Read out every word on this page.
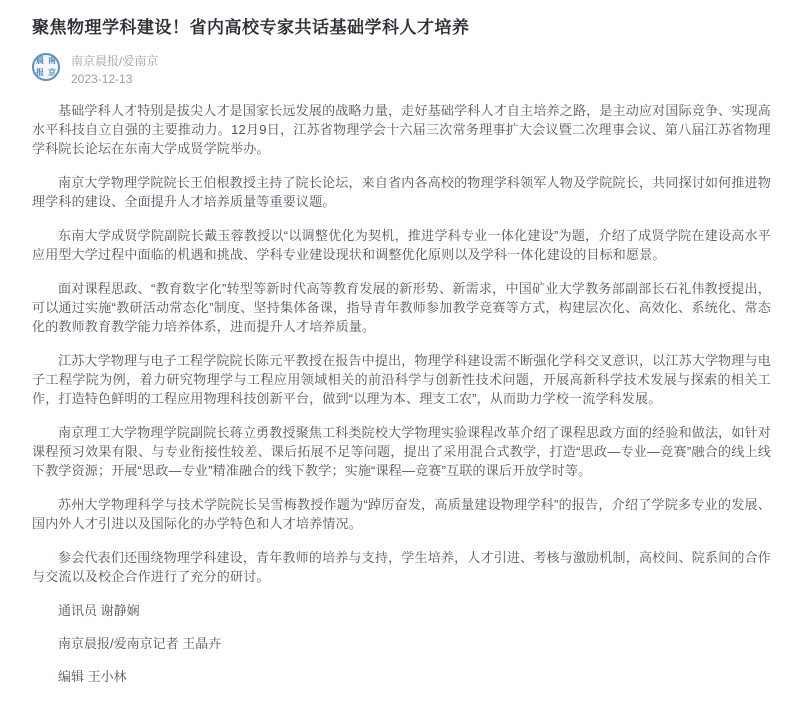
聚焦物理学科建设！省内高校专家共话基础学科人才培养
晨 南
报 京
南京晨报/爱南京
2023-12-13

基础学科人才特别是拔尖人才是国家长远发展的战略力量，走好基础学科人才自主培养之路，是主动应对国际竞争、实现高水平科技自立自强的主要推动力。12月9日，江苏省物理学会十六届三次常务理事扩大会议暨二次理事会议、第八届江苏省物理学科院长论坛在东南大学成贤学院举办。

南京大学物理学院院长王伯根教授主持了院长论坛，来自省内各高校的物理学科领军人物及学院院长，共同探讨如何推进物理学科的建设、全面提升人才培养质量等重要议题。

东南大学成贤学院副院长戴玉蓉教授以“以调整优化为契机，推进学科专业一体化建设”为题，介绍了成贤学院在建设高水平应用型大学过程中面临的机遇和挑战、学科专业建设现状和调整优化原则以及学科一体化建设的目标和愿景。

面对课程思政、“教育数字化”转型等新时代高等教育发展的新形势、新需求，中国矿业大学教务部副部长石礼伟教授提出，可以通过实施“教研活动常态化”制度、坚持集体备课，指导青年教师参加教学竞赛等方式，构建层次化、高效化、系统化、常态化的教师教育教学能力培养体系，进而提升人才培养质量。

江苏大学物理与电子工程学院院长陈元平教授在报告中提出，物理学科建设需不断强化学科交叉意识，以江苏大学物理与电子工程学院为例，着力研究物理学与工程应用领域相关的前沿科学与创新性技术问题，开展高新科学技术发展与探索的相关工作，打造特色鲜明的工程应用物理科技创新平台，做到“以理为本、理支工农”，从而助力学校一流学科发展。

南京理工大学物理学院副院长蒋立勇教授聚焦工科类院校大学物理实验课程改革介绍了课程思政方面的经验和做法，如针对课程预习效果有限、与专业衔接性较差、课后拓展不足等问题，提出了采用混合式教学，打造“思政—专业—竞赛”融合的线上线下教学资源；开展“思政—专业”精准融合的线下教学；实施“课程—竞赛”互联的课后开放学时等。

苏州大学物理科学与技术学院院长吴雪梅教授作题为“踔厉奋发，高质量建设物理学科”的报告，介绍了学院多专业的发展、国内外人才引进以及国际化的办学特色和人才培养情况。

参会代表们还围绕物理学科建设，青年教师的培养与支持，学生培养，人才引进、考核与激励机制，高校间、院系间的合作与交流以及校企合作进行了充分的研讨。

通讯员 谢静娴

南京晨报/爱南京记者 王晶卉

编辑 王小林
